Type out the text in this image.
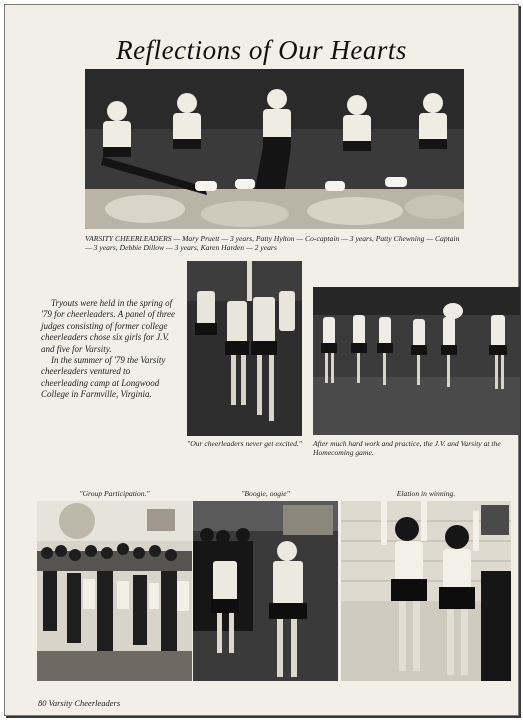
Reflections of Our Hearts
VARSITY CHEERLEADERS — Mary Pruett — 3 years, Patty Hylton — Co-captain — 3 years, Patty Chewning — Captain — 3 years, Debbie Dillow — 3 years, Karen Harden — 2 years

Tryouts were held in the spring of '79 for cheerleaders. A panel of three judges consisting of former college cheerleaders chose six girls for J.V. and five for Varsity.

In the summer of '79 the Varsity cheerleaders ventured to cheerleading camp at Longwood College in Farmville, Virginia.

"Our cheerleaders never get excited."	After much hard work and practice, the J.V. and Varsity at the Homecoming game.
"Group Participation."	"Boogie, oogie"	Elation in winning.
80 Varsity Cheerleaders
